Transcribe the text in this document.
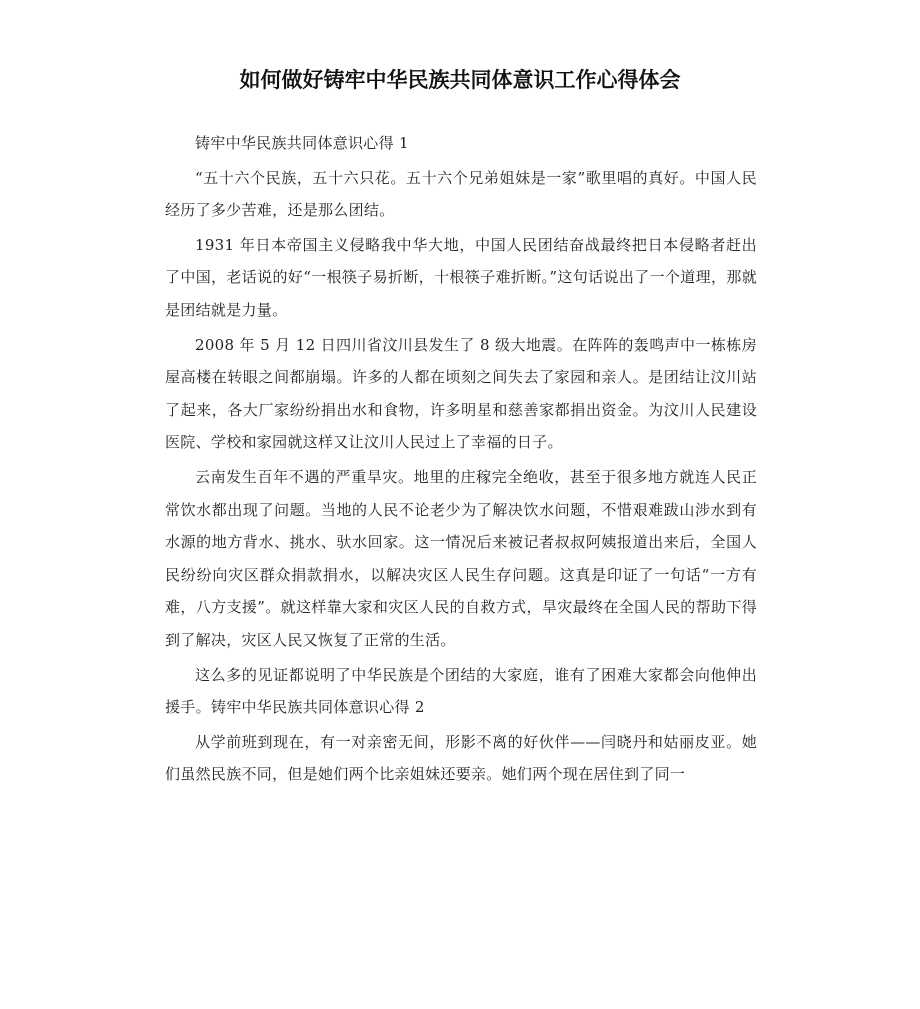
如何做好铸牢中华民族共同体意识工作心得体会

铸牢中华民族共同体意识心得 1

“五十六个民族，五十六只花。五十六个兄弟姐妹是一家”歌里唱的真好。中国人民经历了多少苦难，还是那么团结。

1931 年日本帝国主义侵略我中华大地，中国人民团结奋战最终把日本侵略者赶出了中国，老话说的好“一根筷子易折断，十根筷子难折断。”这句话说出了一个道理，那就是团结就是力量。

2008 年 5 月 12 日四川省汶川县发生了 8 级大地震。在阵阵的轰鸣声中一栋栋房屋高楼在转眼之间都崩塌。许多的人都在顷刻之间失去了家园和亲人。是团结让汶川站了起来，各大厂家纷纷捐出水和食物，许多明星和慈善家都捐出资金。为汶川人民建设医院、学校和家园就这样又让汶川人民过上了幸福的日子。

云南发生百年不遇的严重旱灾。地里的庄稼完全绝收，甚至于很多地方就连人民正常饮水都出现了问题。当地的人民不论老少为了解决饮水问题，不惜艰难跋山涉水到有水源的地方背水、挑水、驮水回家。这一情况后来被记者叔叔阿姨报道出来后，全国人民纷纷向灾区群众捐款捐水，以解决灾区人民生存问题。这真是印证了一句话“一方有难，八方支援”。就这样靠大家和灾区人民的自救方式，旱灾最终在全国人民的帮助下得到了解决，灾区人民又恢复了正常的生活。

这么多的见证都说明了中华民族是个团结的大家庭，谁有了困难大家都会向他伸出援手。铸牢中华民族共同体意识心得 2

从学前班到现在，有一对亲密无间，形影不离的好伙伴——闫晓丹和姑丽皮亚。她们虽然民族不同，但是她们两个比亲姐妹还要亲。她们两个现在居住到了同一
